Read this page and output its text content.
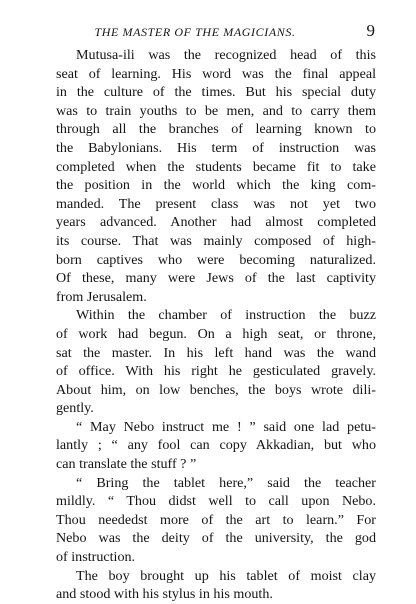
THE MASTER OF THE MAGICIANS.	9

Mutusa-ili was the recognized head of this
seat of learning. His word was the final appeal
in the culture of the times. But his special duty
was to train youths to be men, and to carry them
through all the branches of learning known to
the Babylonians. His term of instruction was
completed when the students became fit to take
the position in the world which the king com-
manded. The present class was not yet two
years advanced. Another had almost completed
its course. That was mainly composed of high-
born captives who were becoming naturalized.
Of these, many were Jews of the last captivity
from Jerusalem.

Within the chamber of instruction the buzz
of work had begun. On a high seat, or throne,
sat the master. In his left hand was the wand
of office. With his right he gesticulated gravely.
About him, on low benches, the boys wrote dili-
gently.

“ May Nebo instruct me ! ” said one lad petu-
lantly ; “ any fool can copy Akkadian, but who
can translate the stuff ? ”

“ Bring the tablet here,” said the teacher
mildly. “ Thou didst well to call upon Nebo.
Thou neededst more of the art to learn.” For
Nebo was the deity of the university, the god
of instruction.

The boy brought up his tablet of moist clay
and stood with his stylus in his mouth.
